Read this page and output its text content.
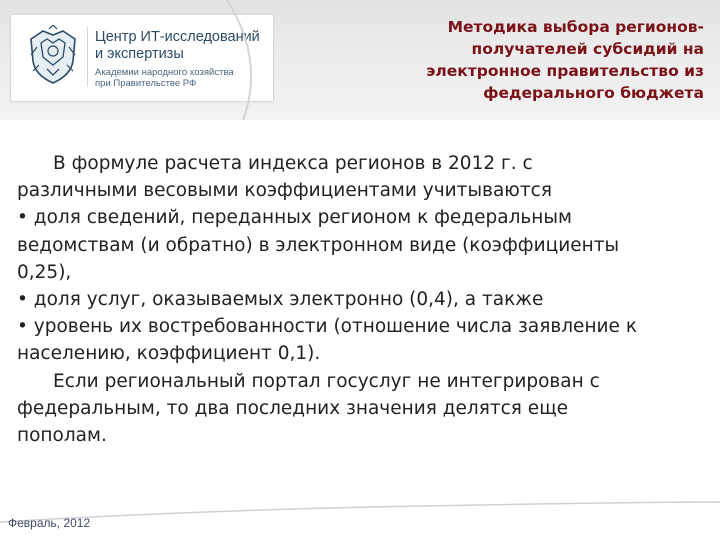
Центр ИТ-исследований
и экспертизы
Академии народного хозяйства
при Правительстве РФ
Методика выбора регионов-
получателей субсидий на
электронное правительство из
федерального бюджета

В формуле расчета индекса регионов в 2012 г. с

различными весовыми коэффициентами учитываются

• доля сведений, переданных регионом к федеральным

ведомствам (и обратно) в электронном виде (коэффициенты

0,25),

• доля услуг, оказываемых электронно (0,4), а также

• уровень их востребованности (отношение числа заявление к

населению, коэффициент 0,1).

Если региональный портал госуслуг не интегрирован с

федеральным, то два последних значения делятся еще

пополам.

Февраль, 2012
